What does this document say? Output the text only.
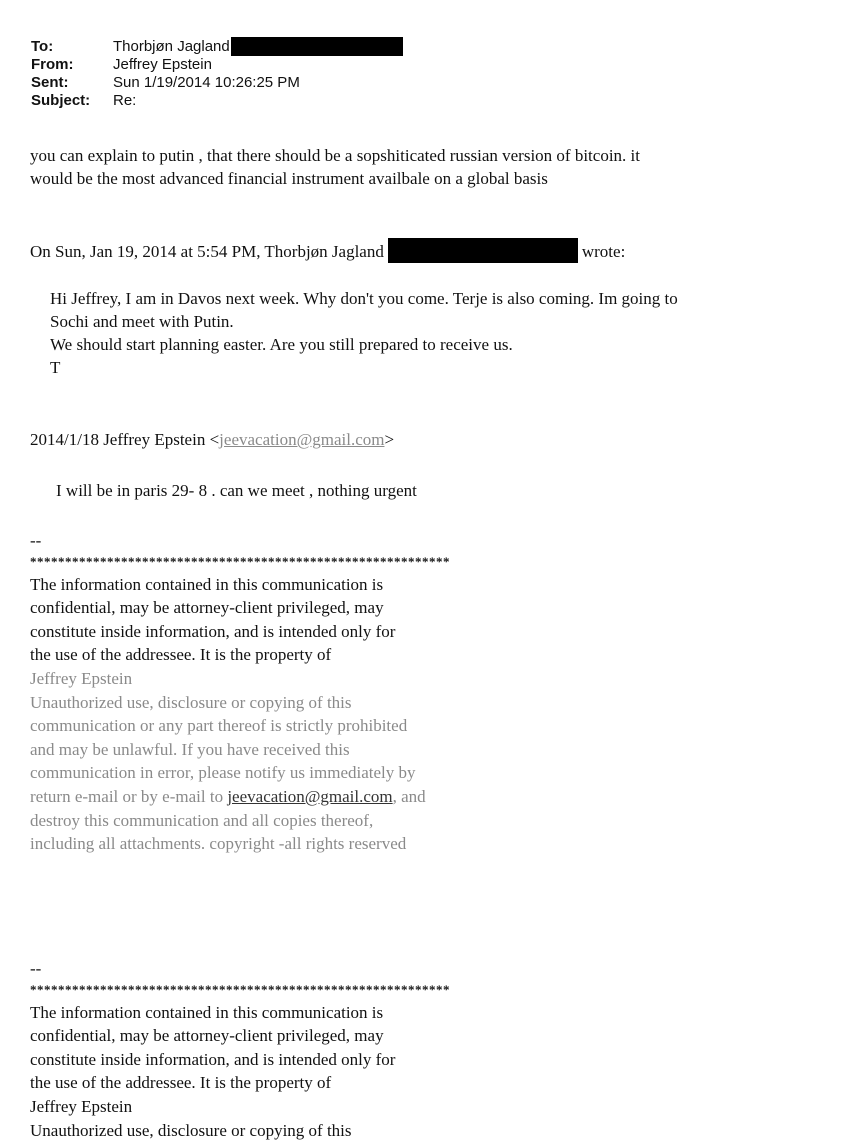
To:	Thorbjøn Jagland
From:	Jeffrey Epstein
Sent:	Sun 1/19/2014 10:26:25 PM
Subject:	Re:
you can explain to putin , that there should be a sopshiticated russian version of bitcoin. it
would be the most advanced financial instrument availbale on a global basis
On Sun, Jan 19, 2014 at 5:54 PM, Thorbjøn Jagland	wrote:
Hi Jeffrey, I am in Davos next week. Why don't you come. Terje is also coming. Im going to
Sochi and meet with Putin.
We should start planning easter. Are you still prepared to receive us.
T
2014/1/18 Jeffrey Epstein <jeevacation@gmail.com>
I will be in paris 29- 8 . can we meet , nothing urgent
--
************************************************************
The information contained in this communication is
confidential, may be attorney-client privileged, may
constitute inside information, and is intended only for
the use of the addressee. It is the property of
Jeffrey Epstein
Unauthorized use, disclosure or copying of this
communication or any part thereof is strictly prohibited
and may be unlawful. If you have received this
communication in error, please notify us immediately by
return e-mail or by e-mail to jeevacation@gmail.com, and
destroy this communication and all copies thereof,
including all attachments. copyright -all rights reserved
--
************************************************************
The information contained in this communication is
confidential, may be attorney-client privileged, may
constitute inside information, and is intended only for
the use of the addressee. It is the property of
Jeffrey Epstein
Unauthorized use, disclosure or copying of this
